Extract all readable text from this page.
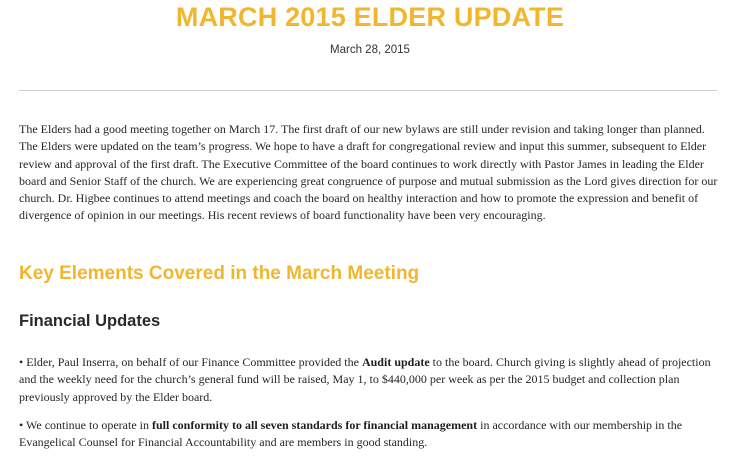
MARCH 2015 ELDER UPDATE
March 28, 2015

The Elders had a good meeting together on March 17. The first draft of our new bylaws are still under revision and taking longer than planned. The Elders were updated on the team’s progress. We hope to have a draft for congregational review and input this summer, subsequent to Elder review and approval of the first draft. The Executive Committee of the board continues to work directly with Pastor James in leading the Elder board and Senior Staff of the church. We are experiencing great congruence of purpose and mutual submission as the Lord gives direction for our church. Dr. Higbee continues to attend meetings and coach the board on healthy interaction and how to promote the expression and benefit of divergence of opinion in our meetings. His recent reviews of board functionality have been very encouraging.

Key Elements Covered in the March Meeting
Financial Updates

• Elder, Paul Inserra, on behalf of our Finance Committee provided the Audit update to the board. Church giving is slightly ahead of projection and the weekly need for the church’s general fund will be raised, May 1, to $440,000 per week as per the 2015 budget and collection plan previously approved by the Elder board.

• We continue to operate in full conformity to all seven standards for financial management in accordance with our membership in the Evangelical Counsel for Financial Accountability and are members in good standing.
